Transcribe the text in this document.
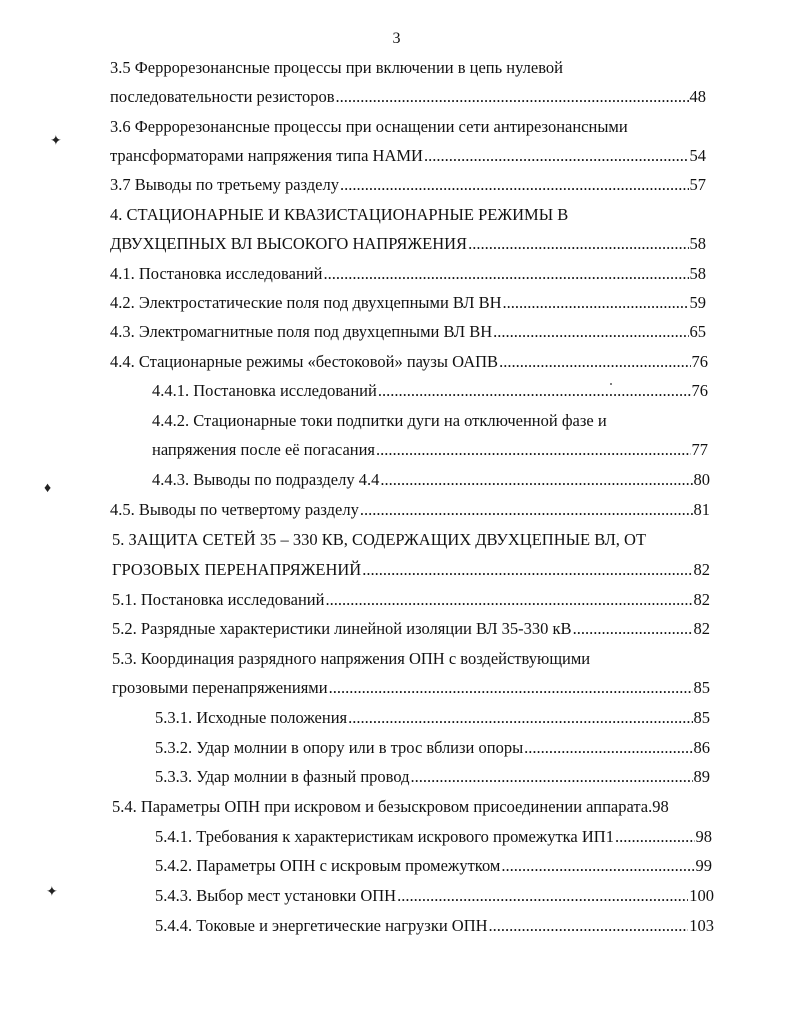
3
✦
♦
✦
3.5 Феррорезонансные процессы при включении в цепь нулевой
последовательности резисторов .....	48
3.6 Феррорезонансные процессы при оснащении сети антирезонансными
трансформаторами напряжения типа НАМИ .....	54
3.7 Выводы по третьему разделу .....	57
4. СТАЦИОНАРНЫЕ И КВАЗИСТАЦИОНАРНЫЕ РЕЖИМЫ В
ДВУХЦЕПНЫХ ВЛ ВЫСОКОГО НАПРЯЖЕНИЯ .....	58
4.1. Постановка исследований .....	58
4.2. Электростатические поля под двухцепными ВЛ ВН .....	59
4.3. Электромагнитные поля под двухцепными ВЛ ВН .....	65
4.4. Стационарные режимы «бестоковой» паузы ОАПВ .....	76
4.4.1. Постановка исследований .....	76
4.4.2. Стационарные токи подпитки дуги на отключенной фазе и
напряжения после её погасания .....	77
4.4.3. Выводы по подразделу 4.4 .....	80
4.5. Выводы по четвертому разделу .....	81
5. ЗАЩИТА СЕТЕЙ 35 – 330 КВ, СОДЕРЖАЩИХ ДВУХЦЕПНЫЕ ВЛ, ОТ
ГРОЗОВЫХ ПЕРЕНАПРЯЖЕНИЙ .....	82
5.1. Постановка исследований .....	82
5.2. Разрядные характеристики линейной изоляции ВЛ 35-330 кВ .....	82
5.3. Координация разрядного напряжения ОПН с воздействующими
грозовыми перенапряжениями .....	85
5.3.1. Исходные положения .....	85
5.3.2. Удар молнии в опору или в трос вблизи опоры .....	86
5.3.3. Удар молнии в фазный провод .....	89
5.4. Параметры ОПН при искровом и безыскровом присоединении аппарата. 98
5.4.1. Требования к характеристикам искрового промежутка ИП1 .....	98
5.4.2. Параметры ОПН с искровым промежутком .....	99
5.4.3. Выбор мест установки ОПН .....	100
5.4.4. Токовые и энергетические нагрузки ОПН .....	103
